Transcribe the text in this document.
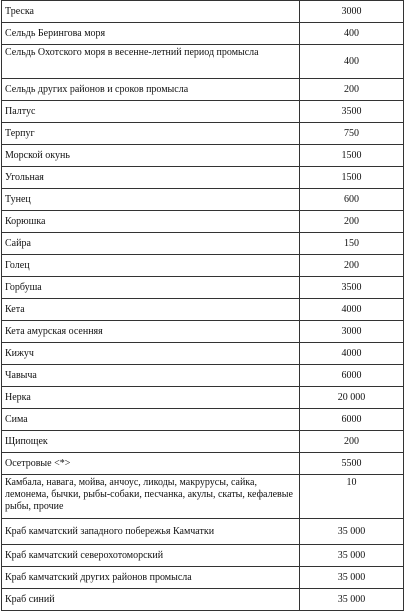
Треска	3000
Сельдь Берингова моря	400
Сельдь Охотского моря в весенне-летний период промысла	400
Сельдь других районов и сроков промысла	200
Палтус	3500
Терпуг	750
Морской окунь	1500
Угольная	1500
Тунец	600
Корюшка	200
Сайра	150
Голец	200
Горбуша	3500
Кета	4000
Кета амурская осенняя	3000
Кижуч	4000
Чавыча	6000
Нерка	20 000
Сима	6000
Щипощек	200
Осетровые <*>	5500
Камбала, навага, мойва, анчоус, ликоды, макрурусы, сайка, лемонема, бычки, рыбы-собаки, песчанка, акулы, скаты, кефалевые рыбы, прочие	10
Краб камчатский западного побережья Камчатки	35 000
Краб камчатский северохотоморский	35 000
Краб камчатский других районов промысла	35 000
Краб синий	35 000
